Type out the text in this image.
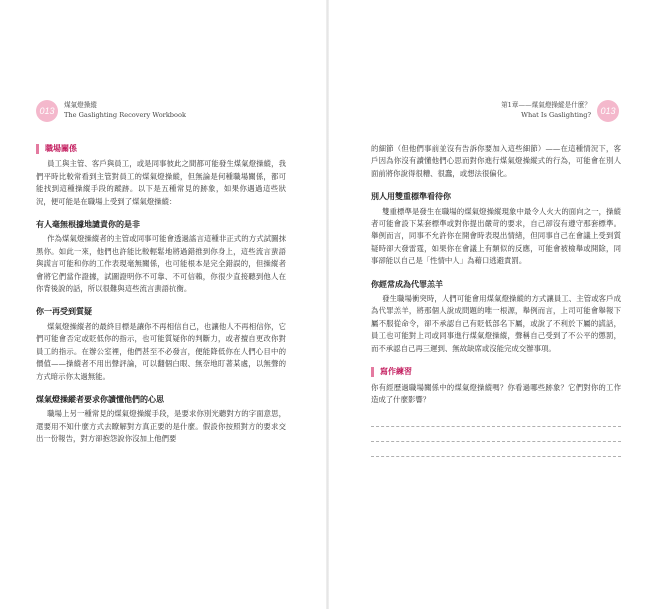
013
煤氣燈操縱
The Gaslighting Recovery Workbook
職場關係

員工與主管、客戶與員工，或是同事彼此之間都可能發生煤氣燈操縱，我們平時比較常看到主管對員工的煤氣燈操縱，但無論是何種職場關係，都可能找到這種操縱手段的蹤跡。以下是五種常見的跡象，如果你遇過這些狀況，便可能是在職場上受到了煤氣燈操縱：

有人毫無根據地譴責你的是非

作為煤氣燈操縱者的主管或同事可能會透過謠言這種非正式的方式試圖抹黑你。如此一來，他們也許能比較輕鬆地將過錯推到你身上，這些流言蜚語與謊言可能和你的工作表現毫無關係，也可能根本是完全錯誤的，但操縱者會將它們當作證據，試圖證明你不可靠、不可信賴，你很少直接聽到他人在你背後說的話，所以很難與這些流言蜚語抗衡。

你一再受到質疑

煤氣燈操縱者的最終目標是讓你不再相信自己，也讓他人不再相信你，它們可能會否定或貶低你的指示，也可能質疑你的判斷力，或者擅自更改你對員工的指示。在辦公室裡，他們甚至不必發言，便能降低你在人們心目中的價值——操縱者不用出聲評論，可以翻個白眼、無奈地盯著某處，以無聲的方式暗示你太過無能。

煤氣燈操縱者要求你讀懂他們的心思

職場上另一種常見的煤氣燈操縱手段，是要求你別光聽對方的字面意思，還要用不知什麼方式去瞭解對方真正要的是什麼。假設你按照對方的要求交出一份報告，對方卻抱怨說你沒加上他們要

第1章——煤氣燈操縱是什麼？
What Is Gaslighting?	013

的細節（但他們事前並沒有告訴你要加入這些細節）——在這種情況下，客戶因為你沒有讀懂他們心思而對你進行煤氣燈操縱式的行為，可能會在別人面前將你說得很糟、很蠢，或想法很偏化。

別人用雙重標準看待你

雙重標準是發生在職場的煤氣燈操縱現象中最令人火大的面向之一，操縱者可能會設下某套標準或對你提出嚴苛的要求，自己卻沒有遵守那套標準。舉例而言，同事不允許你在開會時表現出情緒，但同事自己在會議上受到質疑時卻大發雷霆，如果你在會議上有類似的反應，可能會被檢舉或開除，同事卻能以自己是「性情中人」為藉口逃避責罰。

你經常成為代罪羔羊

發生職場衝突時，人們可能會用煤氣燈操縱的方式讓員工、主管或客戶成為代罪羔羊，將那個人說成問題的唯一根源，舉例而言，上司可能會舉報下屬不服從命令，卻不承認自己有貶低部名下屬，或說了不利於下屬的謊話，員工也可能對上司或同事進行煤氣燈操縱，聲稱自己受到了不公平的懲罰，而不承認自己再三遲到、無故缺席或沒能完成交辦事項。

寫作練習

你有經歷過職場關係中的煤氣燈操縱嗎？你看過哪些跡象？它們對你的工作造成了什麼影響？
